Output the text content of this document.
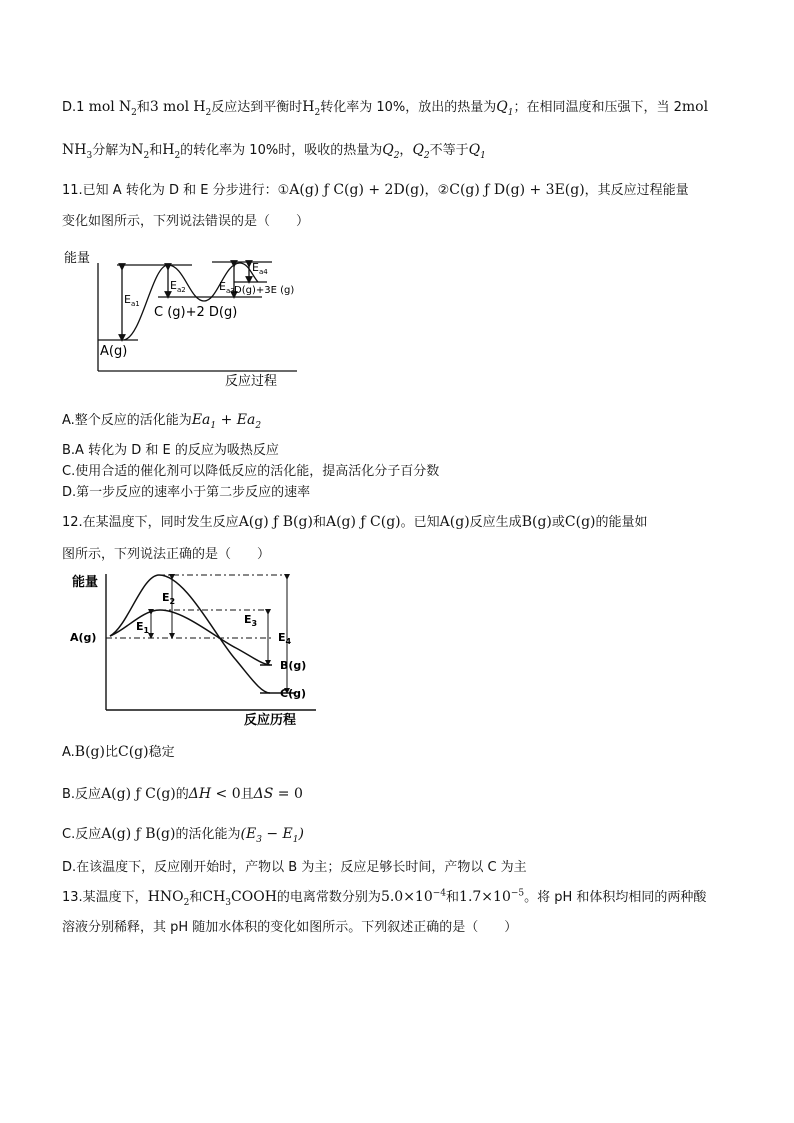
D.1 mol $N_2$和3 mol $H_2$反应达到平衡时$H_2$转化率为 10%，放出的热量为$Q_1$；在相同温度和压强下，当 2mol
$NH_3$分解为$N_2$和$H_2$的转化率为 10%时，吸收的热量为$Q_2$，$Q_2$不等于$Q_1$
11.已知 A 转化为 D 和 E 分步进行：①A(g) ƒ C(g) + 2D(g)，②C(g) ƒ D(g) + 3E(g)，其反应过程能量
变化如图所示，下列说法错误的是（　　）
能量
反应过程
A(g)
C (g)+2 D(g)
D(g)+3E (g)
$E_{a1}$
$E_{a2}$	$E_{a3}$
$E_{a4}$
A.整个反应的活化能为$Ea_1 + Ea_2$
B.A 转化为 D 和 E 的反应为吸热反应
C.使用合适的催化剂可以降低反应的活化能，提高活化分子百分数
D.第一步反应的速率小于第二步反应的速率
12.在某温度下，同时发生反应A(g) ƒ B(g)和A(g) ƒ C(g)。已知A(g)反应生成B(g)或C(g)的能量如
图所示，下列说法正确的是（　　）
能量
反应历程
A(g)
B(g)
C(g)
$E_1$
$E_2$
$E_3$
$E_4$
A.B(g)比C(g)稳定
B.反应A(g) ƒ C(g)的ΔH < 0且ΔS = 0
C.反应A(g) ƒ B(g)的活化能为$(E_3 - E_1)$
D.在该温度下，反应刚开始时，产物以 B 为主；反应足够长时间，产物以 C 为主
13.某温度下，$HNO_2$和$CH_3COOH$的电离常数分别为$5.0\times 10^{-4}$和$1.7\times 10^{-5}$。将 pH 和体积均相同的两种酸
溶液分别稀释，其 pH 随加水体积的变化如图所示。下列叙述正确的是（　　）
